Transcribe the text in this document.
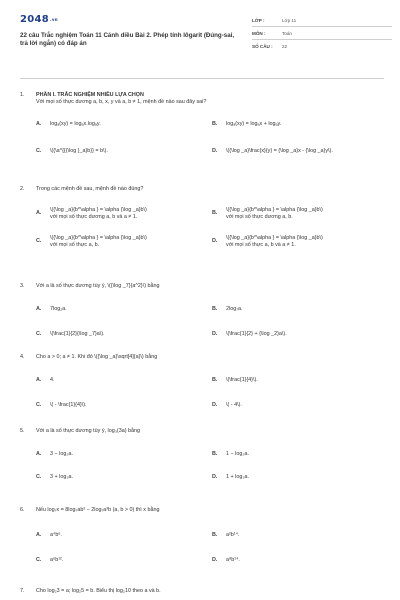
2048.vn
22 câu Trắc nghiệm Toán 11 Cánh diều Bài 2. Phép tính lôgarit (Đúng-sai, trả lời ngắn) có đáp án
LỚP :	Lớp 11
MÔN :	Toán
SỐ CÂU :	22
1.	PHẦN I. TRẮC NGHIỆM NHIỀU LỰA CHỌN
Với mọi số thực dương a, b, x, y và a, b ≠ 1, mệnh đề nào sau đây sai?
A.	logₐ(xy) = logₐx.logₐy.	B.	logₐ(xy) = logₐx + logₐy.
C.	\({\a^{{(\log }_a}b}} = b\).	D.	\({\log _a}\frac{x}{y} = {\log _a}x - {\log _a}y\).
2.	Trong các mệnh đề sau, mệnh đề nào đúng?
A.	\({\log _a}{b^\alpha } = \alpha {\log _a}b\)
với mọi số thực dương a, b và a ≠ 1.
B.	\({\log _a}{b^\alpha } = \alpha {\log _a}b\)
với mọi số thực dương a, b.
C.	\({\log _a}{b^\alpha } = \alpha {\log _a}b\)
với mọi số thực a, b.
D.	\({\log _a}{b^\alpha } = \alpha {\log _a}b\)
với mọi số thực a, b và a ≠ 1.
3.	Với a là số thực dương tùy ý, \({\log _7}{a^2}\) bằng
A.	7log₂a.	B.	2log₇a.
C.	\(\frac{1}{2}{\log _7}a\).	D.	\(\frac{1}{2} + {\log _2}a\).
4.	Cho a > 0; a ≠ 1. Khi đó \({\log _a}\sqrt[4]{a}\) bằng
A.	4.	B.	\(\frac{1}{4}\).
C.	\( - \frac{1}{4}\).	D.	\( - 4\).
5.	Với a là số thực dương tùy ý, log₃(3a) bằng
A.	3 − log₃a.	B.	1 − log₃a.
C.	3 + log₃a.	D.	1 + log₃a.
6.	Nếu log₇x = 8log₇ab² − 2log₇a³b (a, b > 0) thì x bằng
A.	a⁴b⁶.	B.	a²b¹⁴.
C.	a⁶b¹².	D.	a⁸b¹⁴.
7.	Cho log₂3 = a; log₂5 = b. Biểu thị log₂10 theo a và b.
